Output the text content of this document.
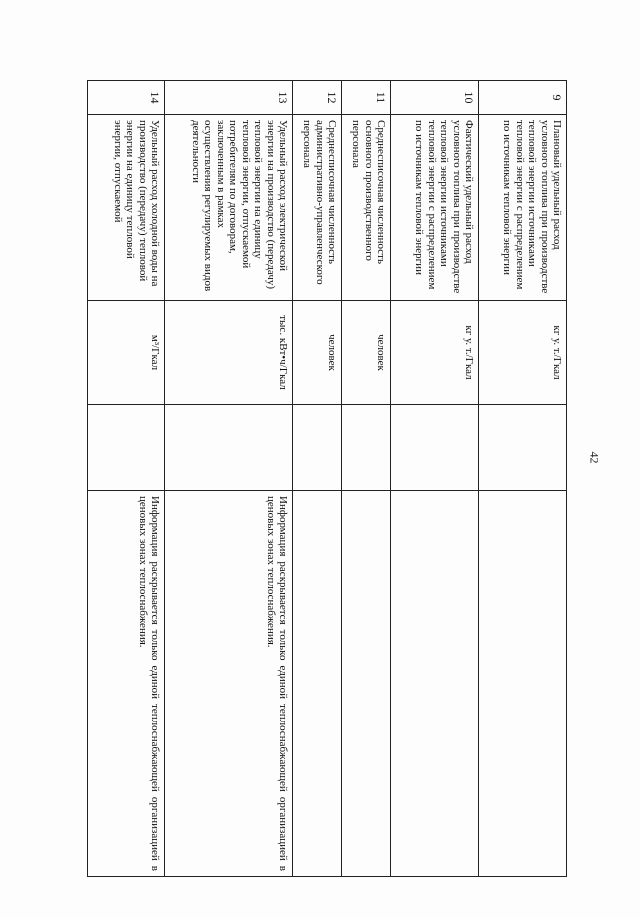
42
9	Плановый удельный расход условного топлива при производстве тепловой энергии источниками тепловой энергии с распределением по источникам тепловой энергии	кг у. т./Гкал		
10	Фактический удельный расход условного топлива при производстве тепловой энергии источниками тепловой энергии с распределением по источникам тепловой энергии	кг у. т./Гкал		
11	Среднесписочная численность основного производственного персонала	человек		
12	Среднесписочная численность административно-управленческого персонала	человек		
13	Удельный расход электрической энергии на производство (передачу) тепловой энергии на единицу тепловой энергии, отпускаемой потребителям по договорам, заключенным в рамках осуществления регулируемых видов деятельности	тыс. кВт•ч/Гкал		Информация раскрывается только единой теплоснабжающей организацией в ценовых зонах теплоснабжения.
14	Удельный расход холодной воды на производство (передачу) тепловой энергии на единицу тепловой энергии, отпускаемой	м³/Гкал		Информация раскрывается только единой теплоснабжающей организацией в ценовых зонах теплоснабжения.
